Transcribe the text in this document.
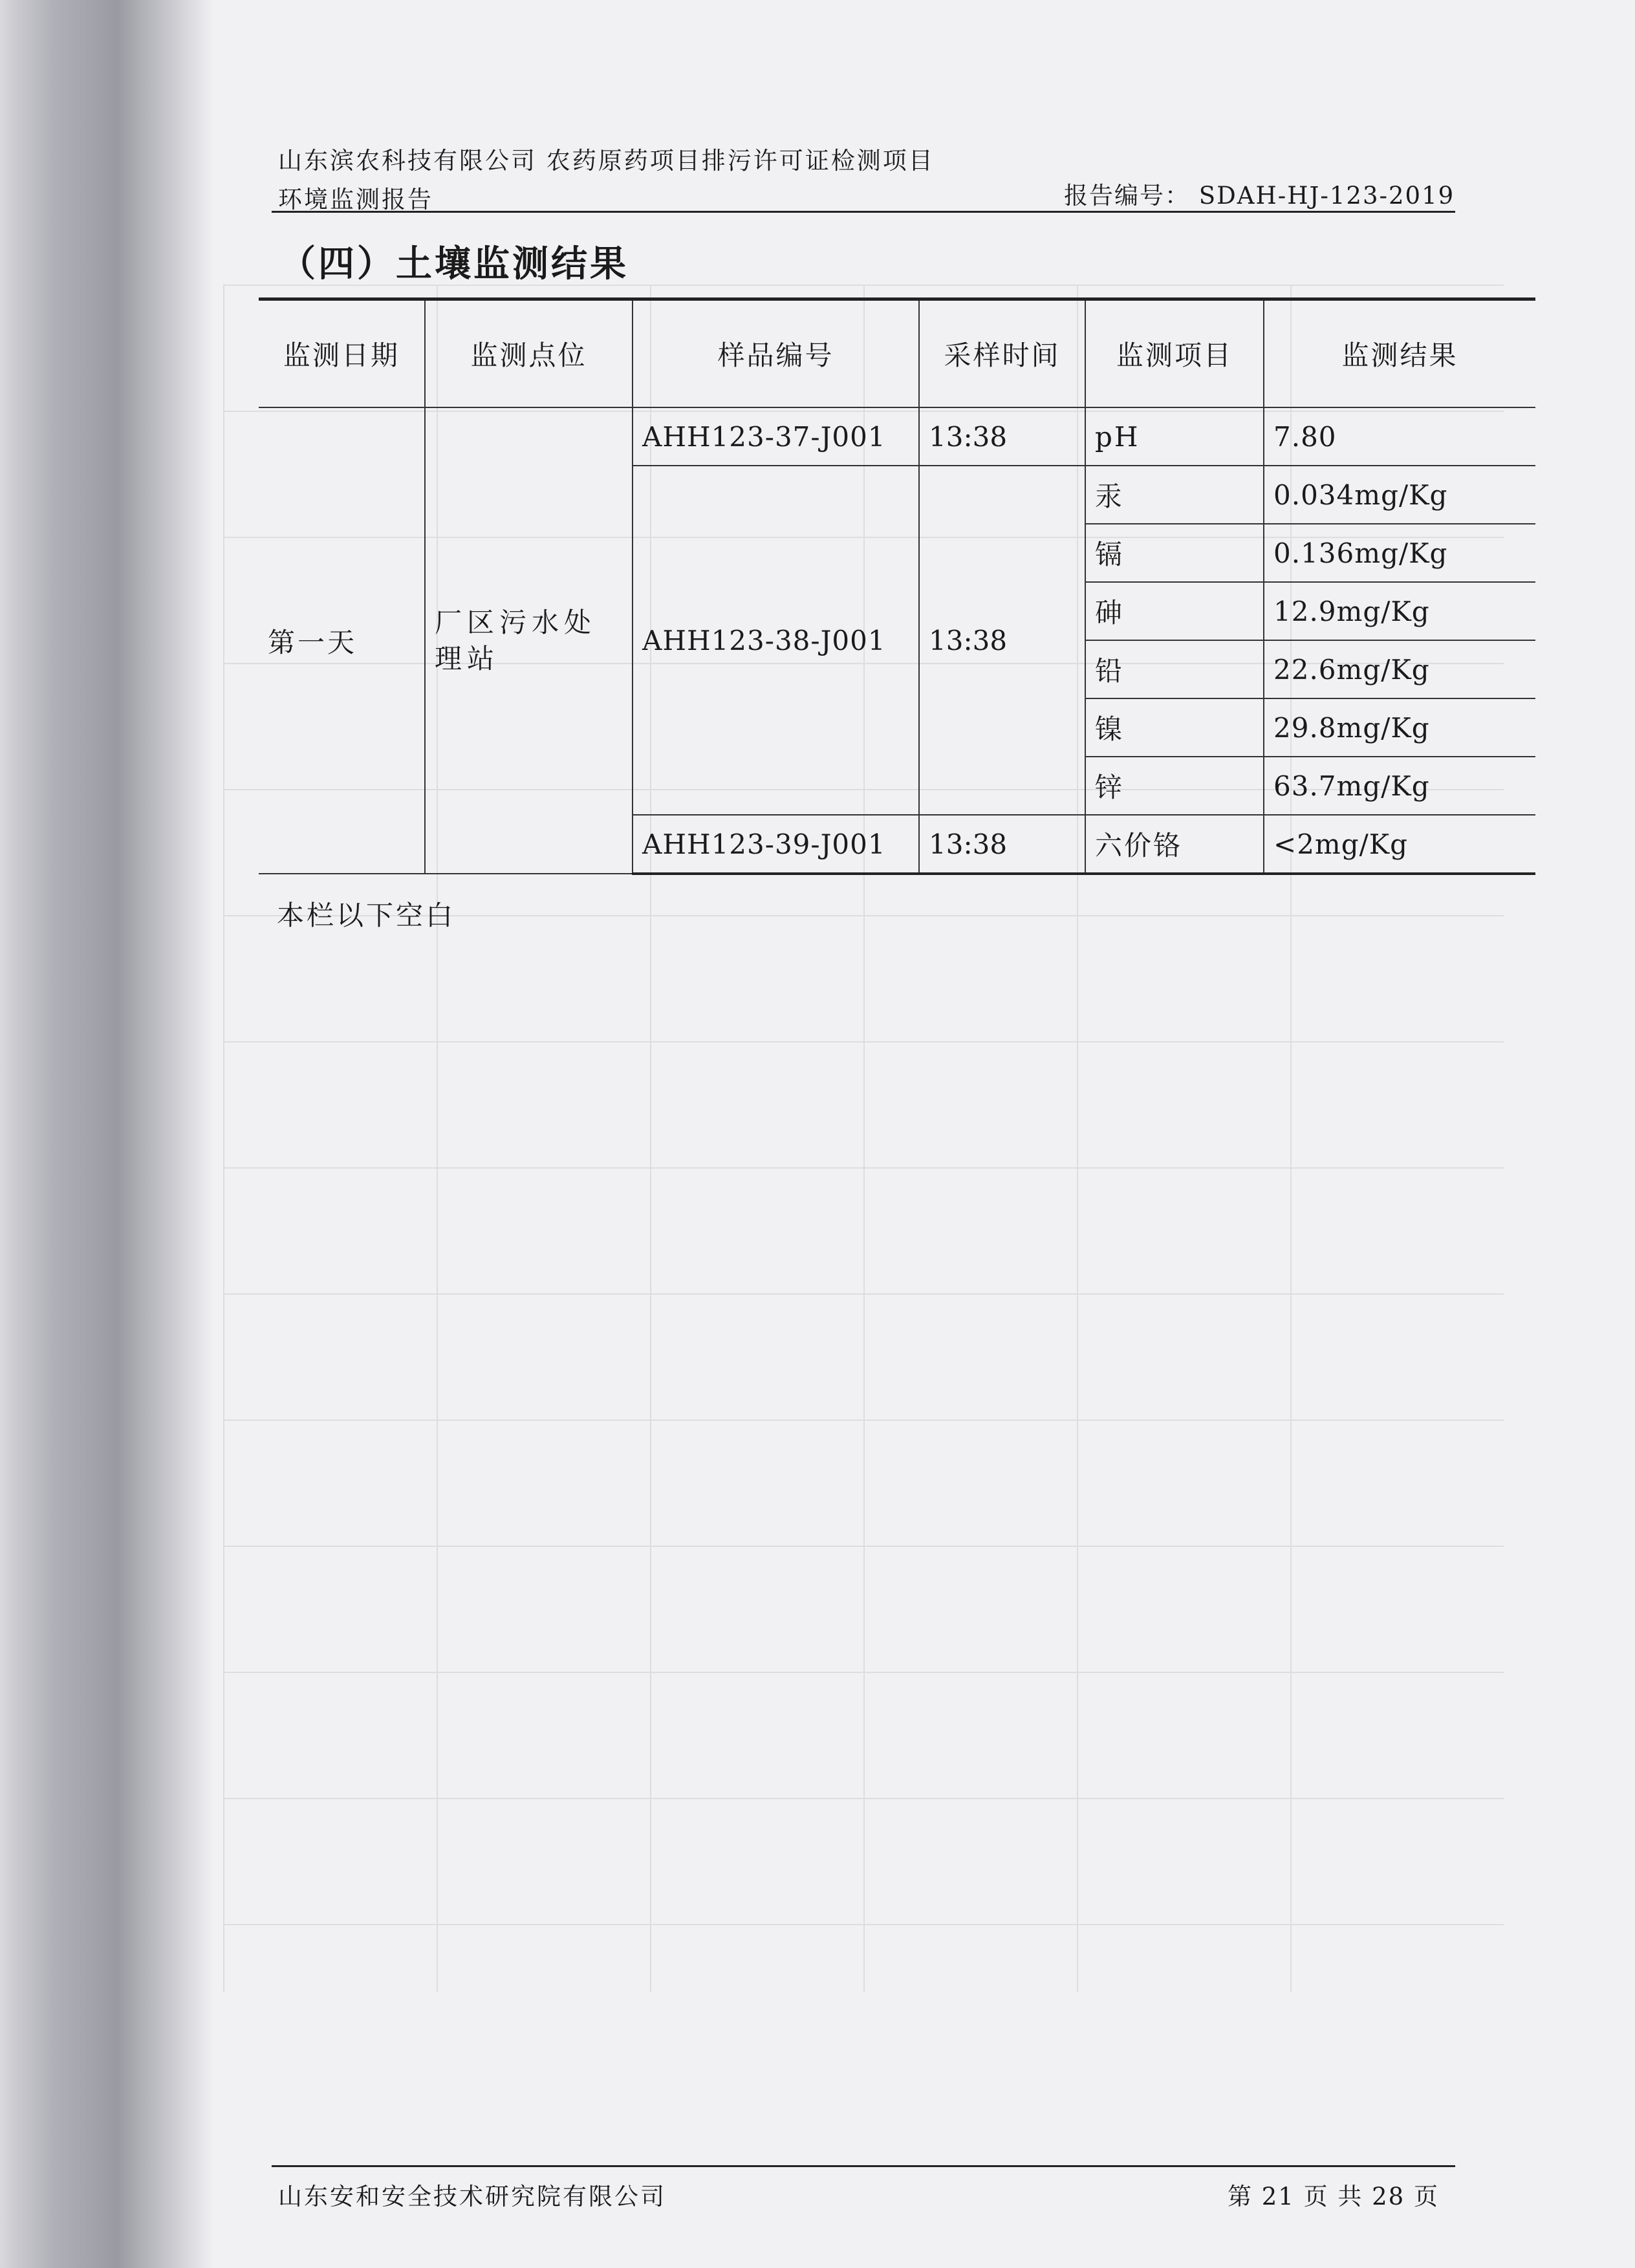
山东滨农科技有限公司 农药原药项目排污许可证检测项目
环境监测报告	报告编号： SDAH-HJ-123-2019
（四）土壤监测结果
监测日期	监测点位	样品编号	采样时间	监测项目	监测结果
第一天	厂区污水处理站	AHH123-37-J001	13:38	pH	7.80
		AHH123-38-J001	13:38	汞	0.034mg/Kg
				镉	0.136mg/Kg
				砷	12.9mg/Kg
				铅	22.6mg/Kg
				镍	29.8mg/Kg
				锌	63.7mg/Kg
		AHH123-39-J001	13:38	六价铬	<2mg/Kg
本栏以下空白
山东安和安全技术研究院有限公司	第 21 页 共 28 页
